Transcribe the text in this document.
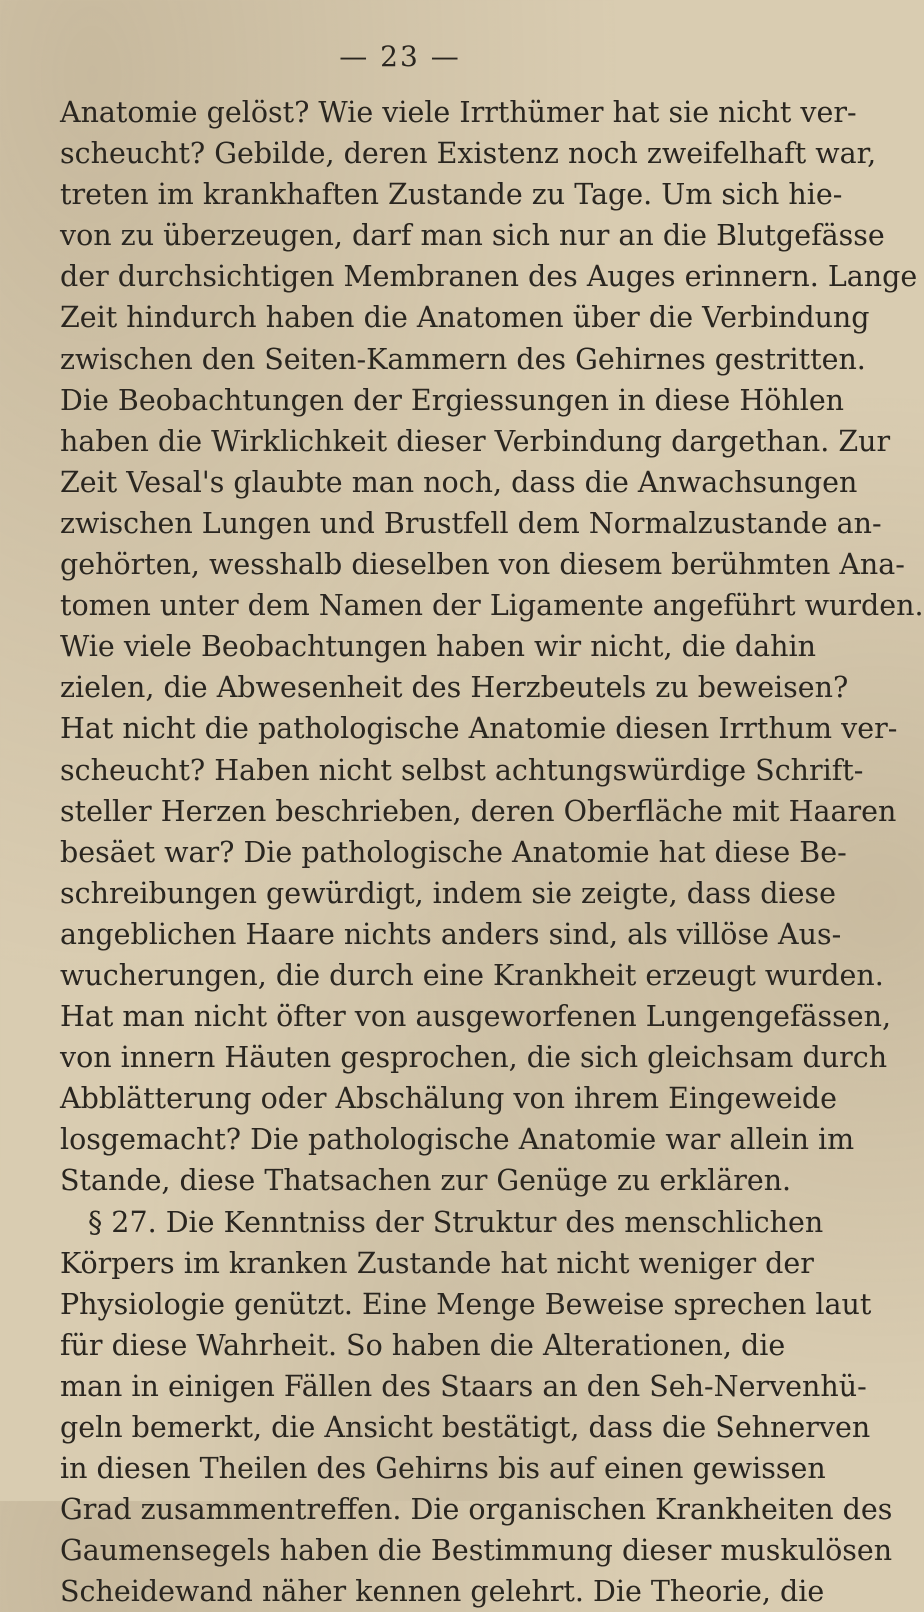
— 23 —
Anatomie gelöst? Wie viele Irrthümer hat sie nicht ver-
scheucht? Gebilde, deren Existenz noch zweifelhaft war,
treten im krankhaften Zustande zu Tage. Um sich hie-
von zu überzeugen, darf man sich nur an die Blutgefässe
der durchsichtigen Membranen des Auges erinnern. Lange
Zeit hindurch haben die Anatomen über die Verbindung
zwischen den Seiten-Kammern des Gehirnes gestritten.
Die Beobachtungen der Ergiessungen in diese Höhlen
haben die Wirklichkeit dieser Verbindung dargethan. Zur
Zeit Vesal's glaubte man noch, dass die Anwachsungen
zwischen Lungen und Brustfell dem Normalzustande an-
gehörten, wesshalb dieselben von diesem berühmten Ana-
tomen unter dem Namen der Ligamente angeführt wurden.
Wie viele Beobachtungen haben wir nicht, die dahin
zielen, die Abwesenheit des Herzbeutels zu beweisen?
Hat nicht die pathologische Anatomie diesen Irrthum ver-
scheucht? Haben nicht selbst achtungswürdige Schrift-
steller Herzen beschrieben, deren Oberfläche mit Haaren
besäet war? Die pathologische Anatomie hat diese Be-
schreibungen gewürdigt, indem sie zeigte, dass diese
angeblichen Haare nichts anders sind, als villöse Aus-
wucherungen, die durch eine Krankheit erzeugt wurden.
Hat man nicht öfter von ausgeworfenen Lungengefässen,
von innern Häuten gesprochen, die sich gleichsam durch
Abblätterung oder Abschälung von ihrem Eingeweide
losgemacht? Die pathologische Anatomie war allein im
Stande, diese Thatsachen zur Genüge zu erklären.
§ 27. Die Kenntniss der Struktur des menschlichen
Körpers im kranken Zustande hat nicht weniger der
Physiologie genützt. Eine Menge Beweise sprechen laut
für diese Wahrheit. So haben die Alterationen, die
man in einigen Fällen des Staars an den Seh-Nervenhü-
geln bemerkt, die Ansicht bestätigt, dass die Sehnerven
in diesen Theilen des Gehirns bis auf einen gewissen
Grad zusammentreffen. Die organischen Krankheiten des
Gaumensegels haben die Bestimmung dieser muskulösen
Scheidewand näher kennen gelehrt. Die Theorie, die
